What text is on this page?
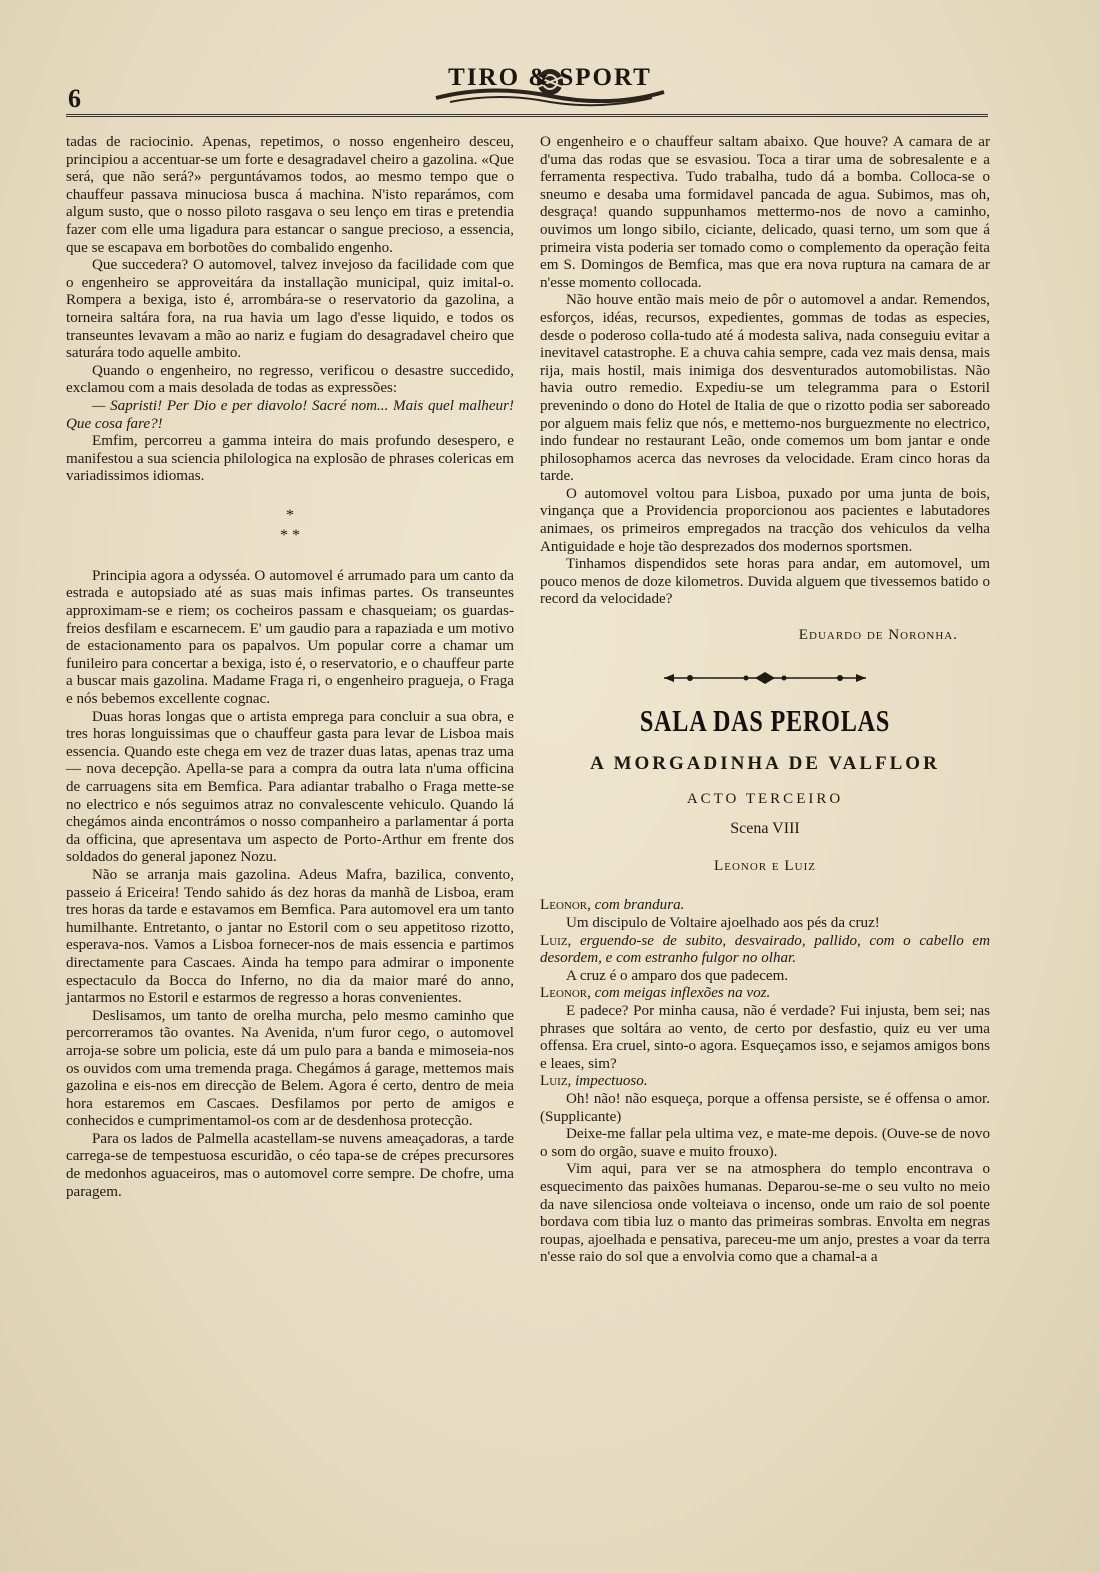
6
TIRO & SPORT

tadas de raciocinio. Apenas, repetimos, o nosso engenheiro desceu, principiou a accentuar-se um forte e desagradavel cheiro a gazolina. «Que será, que não será?» perguntávamos todos, ao mesmo tempo que o chauffeur passava minuciosa busca á machina. N'isto reparámos, com algum susto, que o nosso piloto rasgava o seu lenço em tiras e pretendia fazer com elle uma ligadura para estancar o sangue precioso, a essencia, que se escapava em borbotões do combalido engenho.

Que succedera? O automovel, talvez invejoso da facilidade com que o engenheiro se approveitára da installação municipal, quiz imital-o. Rompera a bexiga, isto é, arrombára-se o reservatorio da gazolina, a torneira saltára fora, na rua havia um lago d'esse liquido, e todos os transeuntes levavam a mão ao nariz e fugiam do desagradavel cheiro que saturára todo aquelle ambito.

Quando o engenheiro, no regresso, verificou o desastre succedido, exclamou com a mais desolada de todas as expressões:

— Sapristi! Per Dio e per diavolo! Sacré nom... Mais quel malheur! Que cosa fare?!

Emfim, percorreu a gamma inteira do mais profundo desespero, e manifestou a sua sciencia philologica na explosão de phrases colericas em variadissimos idiomas.

*
* *

Principia agora a odysséa. O automovel é arrumado para um canto da estrada e autopsiado até as suas mais infimas partes. Os transeuntes approximam-se e riem; os cocheiros passam e chasqueiam; os guardas-freios desfilam e escarnecem. E' um gaudio para a rapaziada e um motivo de estacionamento para os papalvos. Um popular corre a chamar um funileiro para concertar a bexiga, isto é, o reservatorio, e o chauffeur parte a buscar mais gazolina. Madame Fraga ri, o engenheiro pragueja, o Fraga e nós bebemos excellente cognac.

Duas horas longas que o artista emprega para concluir a sua obra, e tres horas longuissimas que o chauffeur gasta para levar de Lisboa mais essencia. Quando este chega em vez de trazer duas latas, apenas traz uma — nova decepção. Apella-se para a compra da outra lata n'uma officina de carruagens sita em Bemfica. Para adiantar trabalho o Fraga mette-se no electrico e nós seguimos atraz no convalescente vehiculo. Quando lá chegámos ainda encontrámos o nosso companheiro a parlamentar á porta da officina, que apresentava um aspecto de Porto-Arthur em frente dos soldados do general japonez Nozu.

Não se arranja mais gazolina. Adeus Mafra, bazilica, convento, passeio á Ericeira! Tendo sahido ás dez horas da manhã de Lisboa, eram tres horas da tarde e estavamos em Bemfica. Para automovel era um tanto humilhante. Entretanto, o jantar no Estoril com o seu appetitoso rizotto, esperava-nos. Vamos a Lisboa fornecer-nos de mais essencia e partimos directamente para Cascaes. Ainda ha tempo para admirar o imponente espectaculo da Bocca do Inferno, no dia da maior maré do anno, jantarmos no Estoril e estarmos de regresso a horas convenientes.

Deslisamos, um tanto de orelha murcha, pelo mesmo caminho que percorreramos tão ovantes. Na Avenida, n'um furor cego, o automovel arroja-se sobre um policia, este dá um pulo para a banda e mimoseia-nos os ouvidos com uma tremenda praga. Chegámos á garage, mettemos mais gazolina e eis-nos em direcção de Belem. Agora é certo, dentro de meia hora estaremos em Cascaes. Desfilamos por perto de amigos e conhecidos e cumprimentamol-os com ar de desdenhosa protecção.

Para os lados de Palmella acastellam-se nuvens ameaçadoras, a tarde carrega-se de tempestuosa escuridão, o céo tapa-se de crépes precursores de medonhos aguaceiros, mas o automovel corre sempre. De chofre, uma paragem.

O engenheiro e o chauffeur saltam abaixo. Que houve? A camara de ar d'uma das rodas que se esvasiou. Toca a tirar uma de sobresalente e a ferramenta respectiva. Tudo trabalha, tudo dá a bomba. Colloca-se o sneumo e desaba uma formidavel pancada de agua. Subimos, mas oh, desgraça! quando suppunhamos mettermo-nos de novo a caminho, ouvimos um longo sibilo, ciciante, delicado, quasi terno, um som que á primeira vista poderia ser tomado como o complemento da operação feita em S. Domingos de Bemfica, mas que era nova ruptura na camara de ar n'esse momento collocada.

Não houve então mais meio de pôr o automovel a andar. Remendos, esforços, idéas, recursos, expedientes, gommas de todas as especies, desde o poderoso colla-tudo até á modesta saliva, nada conseguiu evitar a inevitavel catastrophe. E a chuva cahia sempre, cada vez mais densa, mais rija, mais hostil, mais inimiga dos desventurados automobilistas. Não havia outro remedio. Expediu-se um telegramma para o Estoril prevenindo o dono do Hotel de Italia de que o rizotto podia ser saboreado por alguem mais feliz que nós, e mettemo-nos burguezmente no electrico, indo fundear no restaurant Leão, onde comemos um bom jantar e onde philosophamos acerca das nevroses da velocidade. Eram cinco horas da tarde.

O automovel voltou para Lisboa, puxado por uma junta de bois, vingança que a Providencia proporcionou aos pacientes e labutadores animaes, os primeiros empregados na tracção dos vehiculos da velha Antiguidade e hoje tão desprezados dos modernos sportsmen.

Tinhamos dispendidos sete horas para andar, em automovel, um pouco menos de doze kilometros. Duvida alguem que tivessemos batido o record da velocidade?

Eduardo de Noronha.
SALA DAS PEROLAS
A MORGADINHA DE VALFLOR
ACTO TERCEIRO
Scena VIII
Leonor e Luiz

Leonor, com brandura.

Um discipulo de Voltaire ajoelhado aos pés da cruz!

Luiz, erguendo-se de subito, desvairado, pallido, com o cabello em desordem, e com estranho fulgor no olhar.

A cruz é o amparo dos que padecem.

Leonor, com meigas inflexões na voz.

E padece? Por minha causa, não é verdade? Fui injusta, bem sei; nas phrases que soltára ao vento, de certo por desfastio, quiz eu ver uma offensa. Era cruel, sinto-o agora. Esqueçamos isso, e sejamos amigos bons e leaes, sim?

Luiz, impectuoso.

Oh! não! não esqueça, porque a offensa persiste, se é offensa o amor. (Supplicante)

Deixe-me fallar pela ultima vez, e mate-me depois. (Ouve-se de novo o som do orgão, suave e muito frouxo).

Vim aqui, para ver se na atmosphera do templo encontrava o esquecimento das paixões humanas. Deparou-se-me o seu vulto no meio da nave silenciosa onde volteiava o incenso, onde um raio de sol poente bordava com tibia luz o manto das primeiras sombras. Envolta em negras roupas, ajoelhada e pensativa, pareceu-me um anjo, prestes a voar da terra n'esse raio do sol que a envolvia como que a chamal-a a
